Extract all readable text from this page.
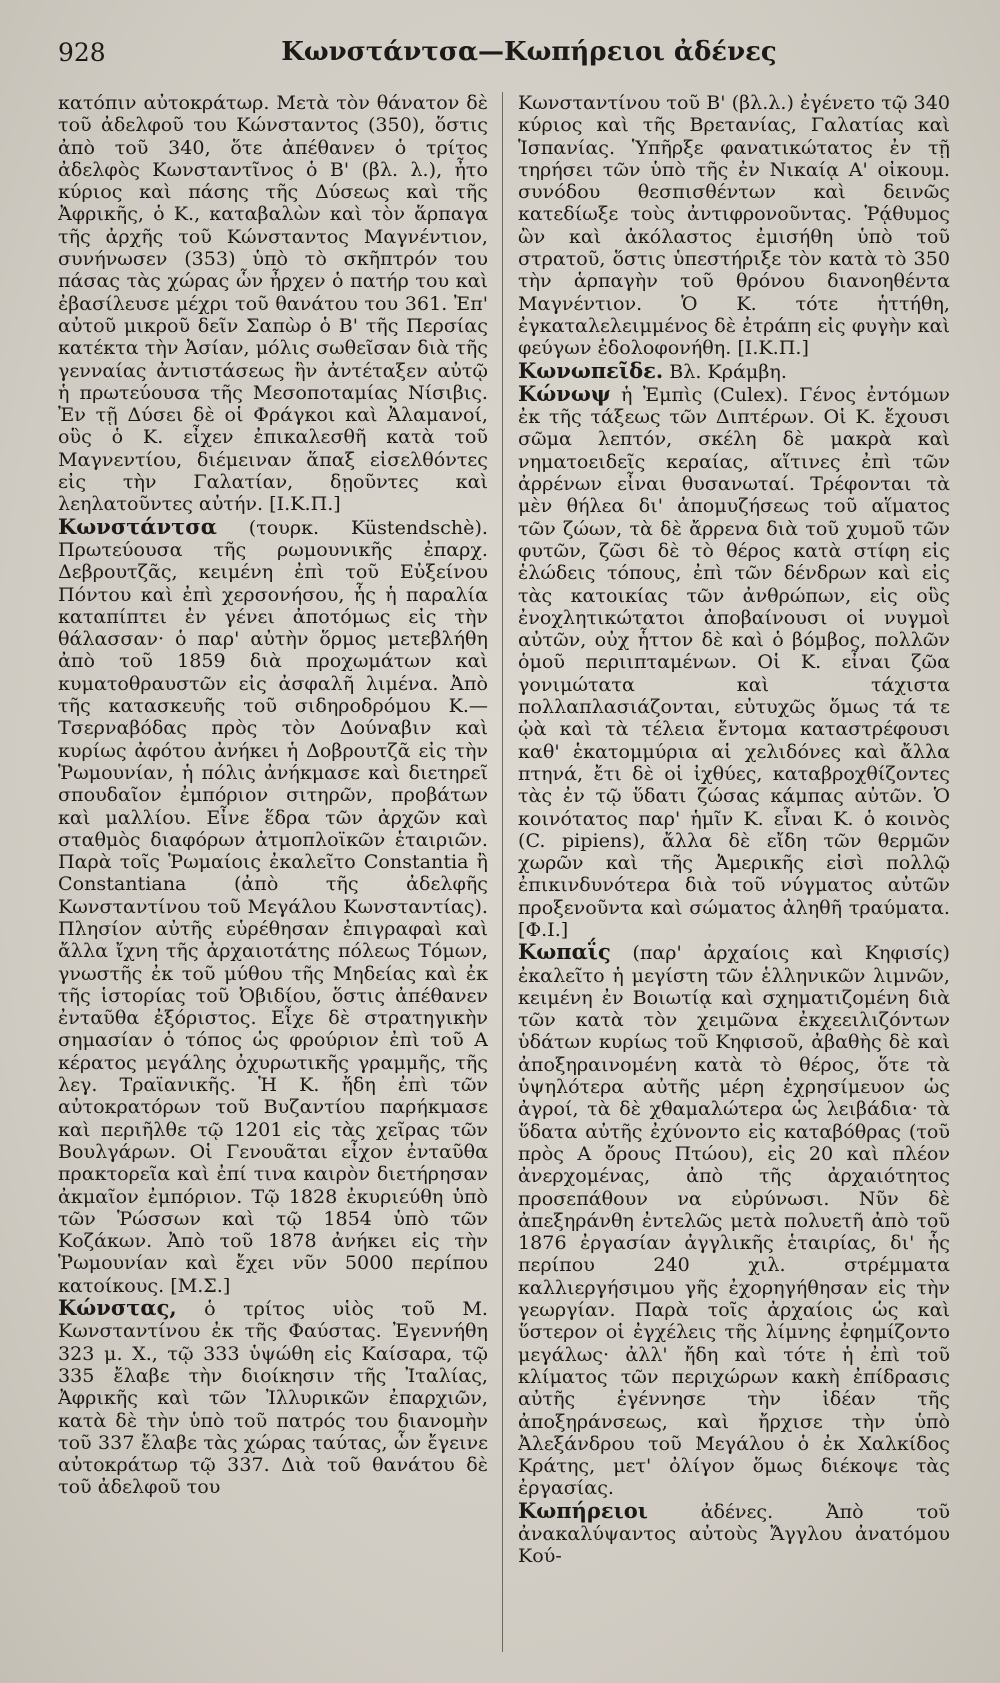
928	Κωνστάντσα—Κωπήρειοι ἀδένες

κατόπιν αὐτοκράτωρ. Μετὰ τὸν θάνατον δὲ τοῦ ἀδελφοῦ του Κώνσταντος (350), ὅστις ἀπὸ τοῦ 340, ὅτε ἀπέθανεν ὁ τρίτος ἀδελφὸς Κωνσταντῖνος ὁ Β' (βλ. λ.), ἦτο κύριος καὶ πάσης τῆς Δύσεως καὶ τῆς Ἀφρικῆς, ὁ Κ., καταβαλὼν καὶ τὸν ἅρπαγα τῆς ἀρχῆς τοῦ Κώνσταντος Μαγνέντιον, συνήνωσεν (353) ὑπὸ τὸ σκῆπτρόν του πάσας τὰς χώρας ὧν ἦρχεν ὁ πατήρ του καὶ ἐβασίλευσε μέχρι τοῦ θανάτου του 361. Ἐπ' αὐτοῦ μικροῦ δεῖν Σαπὼρ ὁ Β' τῆς Περσίας κατέκτα τὴν Ἀσίαν, μόλις σωθεῖσαν διὰ τῆς γενναίας ἀντιστάσεως ἣν ἀντέταξεν αὐτῷ ἡ πρωτεύουσα τῆς Μεσοποταμίας Νίσιβις. Ἐν τῇ Δύσει δὲ οἱ Φράγκοι καὶ Ἀλαμανοί, οὓς ὁ Κ. εἶχεν ἐπικαλεσθῆ κατὰ τοῦ Μαγνεντίου, διέμειναν ἅπαξ εἰσελθόντες εἰς τὴν Γαλατίαν, δῃοῦντες καὶ λεηλατοῦντες αὐτήν. [Ι.Κ.Π.]

Κωνστάντσα (τουρκ. Küstendschè). Πρωτεύουσα τῆς ρωμουνικῆς ἐπαρχ. Δεβρουτζᾶς, κειμένη ἐπὶ τοῦ Εὐξείνου Πόντου καὶ ἐπὶ χερσονήσου, ἧς ἡ παραλία καταπίπτει ἐν γένει ἀποτόμως εἰς τὴν θάλασσαν· ὁ παρ' αὐτὴν ὅρμος μετεβλήθη ἀπὸ τοῦ 1859 διὰ προχωμάτων καὶ κυματοθραυστῶν εἰς ἀσφαλῆ λιμένα. Ἀπὸ τῆς κατασκευῆς τοῦ σιδηροδρόμου Κ.—Τσερναβόδας πρὸς τὸν Δούναβιν καὶ κυρίως ἀφότου ἀνήκει ἡ Δοβρουτζᾶ εἰς τὴν Ῥωμουνίαν, ἡ πόλις ἀνήκμασε καὶ διετηρεῖ σπουδαῖον ἐμπόριον σιτηρῶν, προβάτων καὶ μαλλίου. Εἶνε ἕδρα τῶν ἀρχῶν καὶ σταθμὸς διαφόρων ἀτμοπλοϊκῶν ἑταιριῶν. Παρὰ τοῖς Ῥωμαίοις ἐκαλεῖτο Constantia ἢ Constantiana (ἀπὸ τῆς ἀδελφῆς Κωνσταντίνου τοῦ Μεγάλου Κωνσταντίας). Πλησίον αὐτῆς εὑρέθησαν ἐπιγραφαὶ καὶ ἄλλα ἴχνη τῆς ἀρχαιοτάτης πόλεως Τόμων, γνωστῆς ἐκ τοῦ μύθου τῆς Μηδείας καὶ ἐκ τῆς ἱστορίας τοῦ Ὀβιδίου, ὅστις ἀπέθανεν ἐνταῦθα ἐξόριστος. Εἶχε δὲ στρατηγικὴν σημασίαν ὁ τόπος ὡς φρούριον ἐπὶ τοῦ Α κέρατος μεγάλης ὀχυρωτικῆς γραμμῆς, τῆς λεγ. Τραϊανικῆς. Ἡ Κ. ἤδη ἐπὶ τῶν αὐτοκρατόρων τοῦ Βυζαντίου παρήκμασε καὶ περιῆλθε τῷ 1201 εἰς τὰς χεῖρας τῶν Βουλγάρων. Οἱ Γενουᾶται εἶχον ἐνταῦθα πρακτορεῖα καὶ ἐπί τινα καιρὸν διετήρησαν ἀκμαῖον ἐμπόριον. Τῷ 1828 ἐκυριεύθη ὑπὸ τῶν Ῥώσσων καὶ τῷ 1854 ὑπὸ τῶν Κοζάκων. Ἀπὸ τοῦ 1878 ἀνήκει εἰς τὴν Ῥωμουνίαν καὶ ἔχει νῦν 5000 περίπου κατοίκους. [Μ.Σ.]

Κώνστας, ὁ τρίτος υἱὸς τοῦ Μ. Κωνσταντίνου ἐκ τῆς Φαύστας. Ἐγεννήθη 323 μ. Χ., τῷ 333 ὑψώθη εἰς Καίσαρα, τῷ 335 ἔλαβε τὴν διοίκησιν τῆς Ἰταλίας, Ἀφρικῆς καὶ τῶν Ἰλλυρικῶν ἐπαρχιῶν, κατὰ δὲ τὴν ὑπὸ τοῦ πατρός του διανομὴν τοῦ 337 ἔλαβε τὰς χώρας ταύτας, ὧν ἔγεινε αὐτοκράτωρ τῷ 337. Διὰ τοῦ θανάτου δὲ τοῦ ἀδελφοῦ του

Κωνσταντίνου τοῦ Β' (βλ.λ.) ἐγένετο τῷ 340 κύριος καὶ τῆς Βρετανίας, Γαλατίας καὶ Ἱσπανίας. Ὑπῆρξε φανατικώτατος ἐν τῇ τηρήσει τῶν ὑπὸ τῆς ἐν Νικαίᾳ Α' οἰκουμ. συνόδου θεσπισθέντων καὶ δεινῶς κατεδίωξε τοὺς ἀντιφρονοῦντας. Ῥᾴθυμος ὢν καὶ ἀκόλαστος ἐμισήθη ὑπὸ τοῦ στρατοῦ, ὅστις ὑπεστήριξε τὸν κατὰ τὸ 350 τὴν ἁρπαγὴν τοῦ θρόνου διανοηθέντα Μαγνέντιον. Ὁ Κ. τότε ἡττήθη, ἐγκαταλελειμμένος δὲ ἐτράπη εἰς φυγὴν καὶ φεύγων ἐδολοφονήθη. [Ι.Κ.Π.]

Κωνωπεῖδε. Βλ. Κράμβη.

Κώνωψ ἡ Ἐμπὶς (Culex). Γένος ἐντόμων ἐκ τῆς τάξεως τῶν Διπτέρων. Οἱ Κ. ἔχουσι σῶμα λεπτόν, σκέλη δὲ μακρὰ καὶ νηματοειδεῖς κεραίας, αἵτινες ἐπὶ τῶν ἀρρένων εἶναι θυσανωταί. Τρέφονται τὰ μὲν θήλεα δι' ἀπομυζήσεως τοῦ αἵματος τῶν ζώων, τὰ δὲ ἄρρενα διὰ τοῦ χυμοῦ τῶν φυτῶν, ζῶσι δὲ τὸ θέρος κατὰ στίφη εἰς ἑλώδεις τόπους, ἐπὶ τῶν δένδρων καὶ εἰς τὰς κατοικίας τῶν ἀνθρώπων, εἰς οὓς ἐνοχλητικώτατοι ἀποβαίνουσι οἱ νυγμοὶ αὐτῶν, οὐχ ἧττον δὲ καὶ ὁ βόμβος, πολλῶν ὁμοῦ περιιπταμένων. Οἱ Κ. εἶναι ζῶα γονιμώτατα καὶ τάχιστα πολλαπλασιάζονται, εὐτυχῶς ὅμως τά τε ᾠὰ καὶ τὰ τέλεια ἔντομα καταστρέφουσι καθ' ἑκατομμύρια αἱ χελιδόνες καὶ ἄλλα πτηνά, ἔτι δὲ οἱ ἰχθύες, καταβροχθίζοντες τὰς ἐν τῷ ὕδατι ζώσας κάμπας αὐτῶν. Ὁ κοινότατος παρ' ἡμῖν Κ. εἶναι Κ. ὁ κοινὸς (C. pipiens), ἄλλα δὲ εἴδη τῶν θερμῶν χωρῶν καὶ τῆς Ἀμερικῆς εἰσὶ πολλῷ ἐπικινδυνότερα διὰ τοῦ νύγματος αὐτῶν προξενοῦντα καὶ σώματος ἀληθῆ τραύματα. [Φ.Ι.]

Κωπαΐς (παρ' ἀρχαίοις καὶ Κηφισίς) ἐκαλεῖτο ἡ μεγίστη τῶν ἑλληνικῶν λιμνῶν, κειμένη ἐν Βοιωτίᾳ καὶ σχηματιζομένη διὰ τῶν κατὰ τὸν χειμῶνα ἐκχεειλιζόντων ὑδάτων κυρίως τοῦ Κηφισοῦ, ἀβαθὴς δὲ καὶ ἀποξηραινομένη κατὰ τὸ θέρος, ὅτε τὰ ὑψηλότερα αὐτῆς μέρη ἐχρησίμευον ὡς ἀγροί, τὰ δὲ χθαμαλώτερα ὡς λειβάδια· τὰ ὕδατα αὐτῆς ἐχύνοντο εἰς καταβόθρας (τοῦ πρὸς Α ὄρους Πτώου), εἰς 20 καὶ πλέον ἀνερχομένας, ἀπὸ τῆς ἀρχαιότητος προσεπάθουν να εὐρύνωσι. Νῦν δὲ ἀπεξηράνθη ἐντελῶς μετὰ πολυετῆ ἀπὸ τοῦ 1876 ἐργασίαν ἀγγλικῆς ἑταιρίας, δι' ἧς περίπου 240 χιλ. στρέμματα καλλιεργήσιμου γῆς ἐχορηγήθησαν εἰς τὴν γεωργίαν. Παρὰ τοῖς ἀρχαίοις ὡς καὶ ὕστερον οἱ ἐγχέλεις τῆς λίμνης ἐφημίζοντο μεγάλως· ἀλλ' ἤδη καὶ τότε ἡ ἐπὶ τοῦ κλίματος τῶν περιχώρων κακὴ ἐπίδρασις αὐτῆς ἐγέννησε τὴν ἰδέαν τῆς ἀποξηράνσεως, καὶ ἤρχισε τὴν ὑπὸ Ἀλεξάνδρου τοῦ Μεγάλου ὁ ἐκ Χαλκίδος Κράτης, μετ' ὀλίγον ὅμως διέκοψε τὰς ἐργασίας.

Κωπήρειοι ἀδένες. Ἀπὸ τοῦ ἀνακαλύψαντος αὐτοὺς Ἄγγλου ἀνατόμου Κού-
